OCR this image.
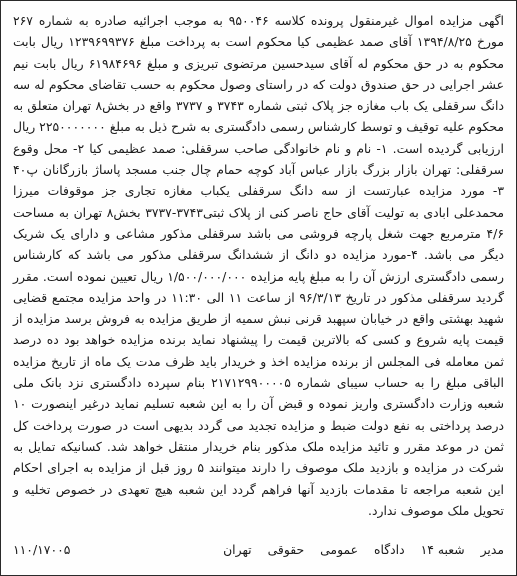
اگهی مزایده اموال غیرمنقول پرونده کلاسه ۹۵۰۰۴۶ به موجب اجرائیه صادره به شماره ۲۶۷ مورخ ۱۳۹۴/۸/۲۵ آقای صمد عظیمی کیا محکوم است به پرداخت مبلغ ۱۲۳۹۶۹۹۳۷۶ ریال بابت محکوم به در حق محکوم له آقای سیدحسین مرتضوی تبریزی و مبلغ ۶۱۹۸۴۶۹۶ ریال بابت نیم عشر اجرایی در حق صندوق دولت که در راستای وصول محکوم به حسب تقاضای محکوم له سه دانگ سرقفلی یک باب مغازه جز پلاک ثبتی شماره ۳۷۴۳ و ۳۷۳۷ واقع در بخش۸ تهران متعلق به محکوم علیه توقیف و توسط کارشناس رسمی دادگستری به شرح ذیل به مبلغ ۲۲۵۰۰۰۰۰۰۰ ریال ارزیابی گردیده است. ۱- نام و نام خانوادگی صاحب سرقفلی: صمد عظیمی کیا ۲- محل وقوع سرقفلی: تهران بازار بزرگ بازار عباس آباد کوچه حمام چال جنب مسجد پاساژ بازرگانان پ۴۰ ۳- مورد مزایده عبارتست از سه دانگ سرقفلی یکباب مغازه تجاری جز موقوفات میرزا محمدعلی ابادی به تولیت آقای حاج ناصر کنی از پلاک ثبتی۳۷۴۳-۳۷۳۷ بخش۸ تهران به مساحت ۴/۶ مترمربع جهت شغل پارچه فروشی می باشد سرقفلی مذکور مشاعی و دارای یک شریک دیگر می باشد. ۴-مورد مزایده دو دانگ از ششدانگ سرقفلی مذکور می باشد که کارشناس رسمی دادگستری ارزش آن را به مبلغ پایه مزایده ۱/۵۰۰/۰۰۰/۰۰۰ ریال تعیین نموده است. مقرر گردید سرقفلی مذکور در تاریخ ۹۶/۳/۱۳ از ساعت ۱۱ الی ۱۱:۳۰ در واحد مزایده مجتمع قضایی شهید بهشتی واقع در خیابان سپهبد قرنی نبش سمیه از طریق مزایده به فروش برسد مزایده از قیمت پایه شروع و کسی که بالاترین قیمت را پیشنهاد نماید برنده مزایده خواهد بود ده درصد ثمن معامله فی المجلس از برنده مزایده اخذ و خریدار باید ظرف مدت یک ماه از تاریخ مزایده الباقی مبلغ را به حساب سیبای شماره ۲۱۷۱۲۹۹۰۰۰۰۵ بنام سپرده دادگستری نزد بانک ملی شعبه وزارت دادگستری واریز نموده و قبض آن را به این شعبه تسلیم نماید درغیر اینصورت ۱۰ درصد پرداختی به نفع دولت ضبط و مزایده تجدید می گردد بدیهی است در صورت پرداخت کل ثمن در موعد مقرر و تائید مزایده ملک مذکور بنام خریدار منتقل خواهد شد. کسانیکه تمایل به شرکت در مزایده و بازدید ملک موصوف را دارند میتوانند ۵ روز قبل از مزایده به اجرای احکام این شعبه مراجعه تا مقدمات بازدید آنها فراهم گردد این شعبه هیچ تعهدی در خصوص تخلیه و تحویل ملک موصوف ندارد.
مدیر شعبه ۱۴ دادگاه عمومی حقوقی تهران
۱۱۰/۱۷۰۰۵
